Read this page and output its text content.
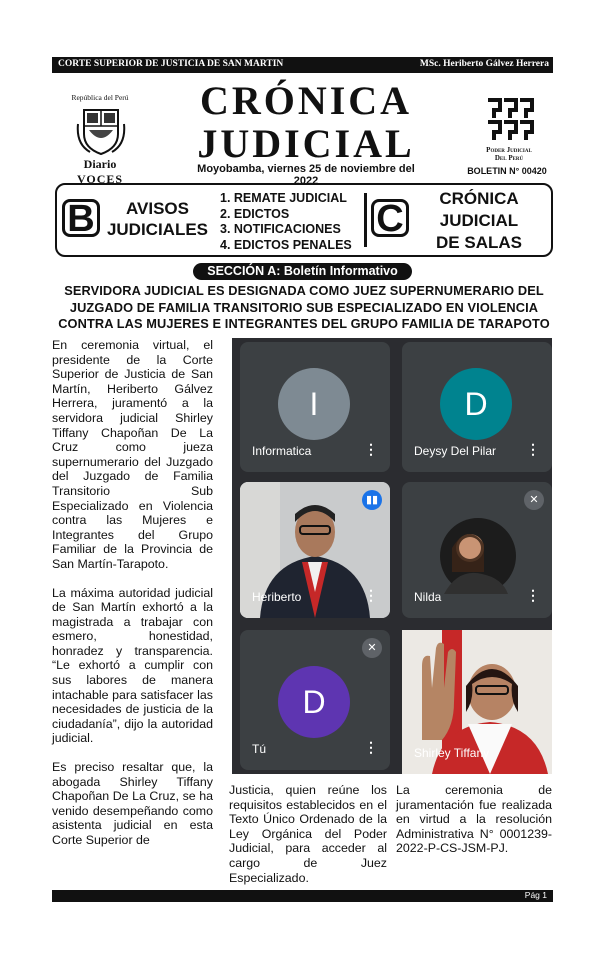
CORTE SUPERIOR DE JUSTICIA DE SAN MARTIN	MSc. Heriberto Gálvez Herrera
República del Perú
Diario VOCES
CRÓNICA
JUDICIAL
Moyobamba, viernes 25 de noviembre del 2022
Poder Judicial
Del Perú
BOLETIN N° 00420
B	AVISOS
JUDICIALES
1. REMATE JUDICIAL
2. EDICTOS
3. NOTIFICACIONES
4. EDICTOS PENALES
C	CRÓNICA
JUDICIAL
DE SALAS
SECCIÓN A: Boletín Informativo
SERVIDORA JUDICIAL ES DESIGNADA COMO JUEZ SUPERNUMERARIO DEL
JUZGADO DE FAMILIA TRANSITORIO SUB ESPECIALIZADO EN VIOLENCIA
CONTRA LAS MUJERES E INTEGRANTES DEL GRUPO FAMILIA DE TARAPOTO

En ceremonia virtual, el presidente de la Corte Superior de Justicia de San Martín, Heriberto Gálvez Herrera, juramentó a la servidora judicial Shirley Tiffany Chapoñan De La Cruz como jueza supernumerario del Juzgado del Juzgado de Familia Transitorio Sub Especializado en Violencia contra las Mujeres e Integrantes del Grupo Familiar de la Provincia de San Martín-Tarapoto.

La máxima autoridad judicial de San Martín exhortó a la magistrada a trabajar con esmero, honestidad, honradez y transparencia. “Le exhortó a cumplir con sus labores de manera intachable para satisfacer las necesidades de justicia de la ciudadanía”, dijo la autoridad judicial.

Es preciso resaltar que, la abogada Shirley Tiffany Chapoñan De La Cruz, se ha venido desempeñando como asistenta judicial en esta Corte Superior de

I
Informatica	⋮
D
Deysy Del Pilar ⋮
▮▮
Heriberto	⋮
✕
Nilda	⋮
✕
D
Tú	⋮	Shirley Tiffany

Justicia, quien reúne los requisitos establecidos en el Texto Único Ordenado de la Ley Orgánica del Poder Judicial, para acceder al cargo de Juez Especializado.

La ceremonia de juramentación fue realizada en virtud a la resolución Administrativa N° 0001239-2022-P-CS-JSM-PJ.

Pág 1
